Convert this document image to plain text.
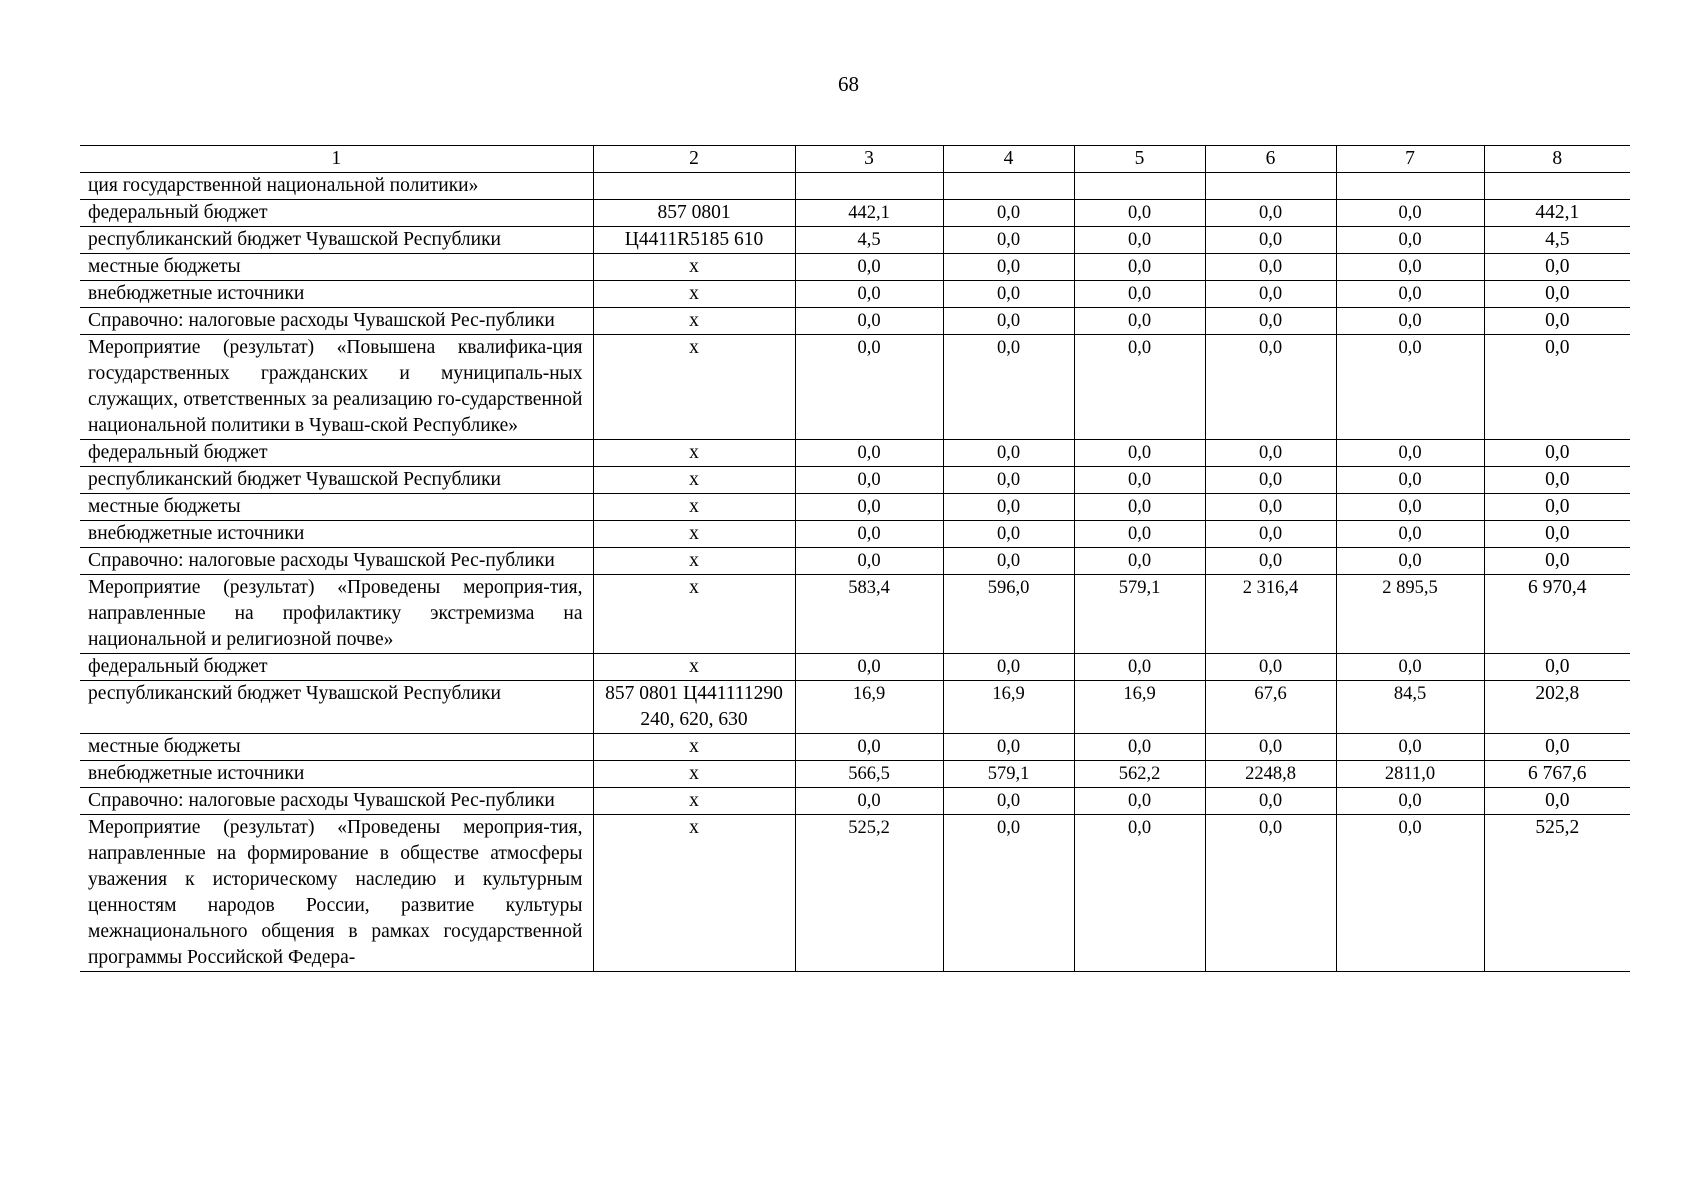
68
1	2	3	4	5	6	7	8
ция государственной национальной политики»							
федеральный бюджет	857 0801	442,1	0,0	0,0	0,0	0,0	442,1
республиканский бюджет Чувашской Республики	Ц4411R5185 610	4,5	0,0	0,0	0,0	0,0	4,5
местные бюджеты	х	0,0	0,0	0,0	0,0	0,0	0,0
внебюджетные источники	х	0,0	0,0	0,0	0,0	0,0	0,0
Справочно: налоговые расходы Чувашской Рес-публики	х	0,0	0,0	0,0	0,0	0,0	0,0
Мероприятие (результат) «Повышена квалифика-ция государственных гражданских и муниципаль-ных служащих, ответственных за реализацию го-сударственной национальной политики в Чуваш-ской Республике»	х	0,0	0,0	0,0	0,0	0,0	0,0
федеральный бюджет	х	0,0	0,0	0,0	0,0	0,0	0,0
республиканский бюджет Чувашской Республики	х	0,0	0,0	0,0	0,0	0,0	0,0
местные бюджеты	х	0,0	0,0	0,0	0,0	0,0	0,0
внебюджетные источники	х	0,0	0,0	0,0	0,0	0,0	0,0
Справочно: налоговые расходы Чувашской Рес-публики	х	0,0	0,0	0,0	0,0	0,0	0,0
Мероприятие (результат) «Проведены мероприя-тия, направленные на профилактику экстремизма на национальной и религиозной почве»	х	583,4	596,0	579,1	2 316,4	2 895,5	6 970,4
федеральный бюджет	х	0,0	0,0	0,0	0,0	0,0	0,0
республиканский бюджет Чувашской Республики	857 0801 Ц441111290 240, 620, 630	16,9	16,9	16,9	67,6	84,5	202,8
местные бюджеты	х	0,0	0,0	0,0	0,0	0,0	0,0
внебюджетные источники	х	566,5	579,1	562,2	2248,8	2811,0	6 767,6
Справочно: налоговые расходы Чувашской Рес-публики	х	0,0	0,0	0,0	0,0	0,0	0,0
Мероприятие (результат) «Проведены мероприя-тия, направленные на формирование в обществе атмосферы уважения к историческому наследию и культурным ценностям народов России, развитие культуры межнационального общения в рамках государственной программы Российской Федера-	х	525,2	0,0	0,0	0,0	0,0	525,2
